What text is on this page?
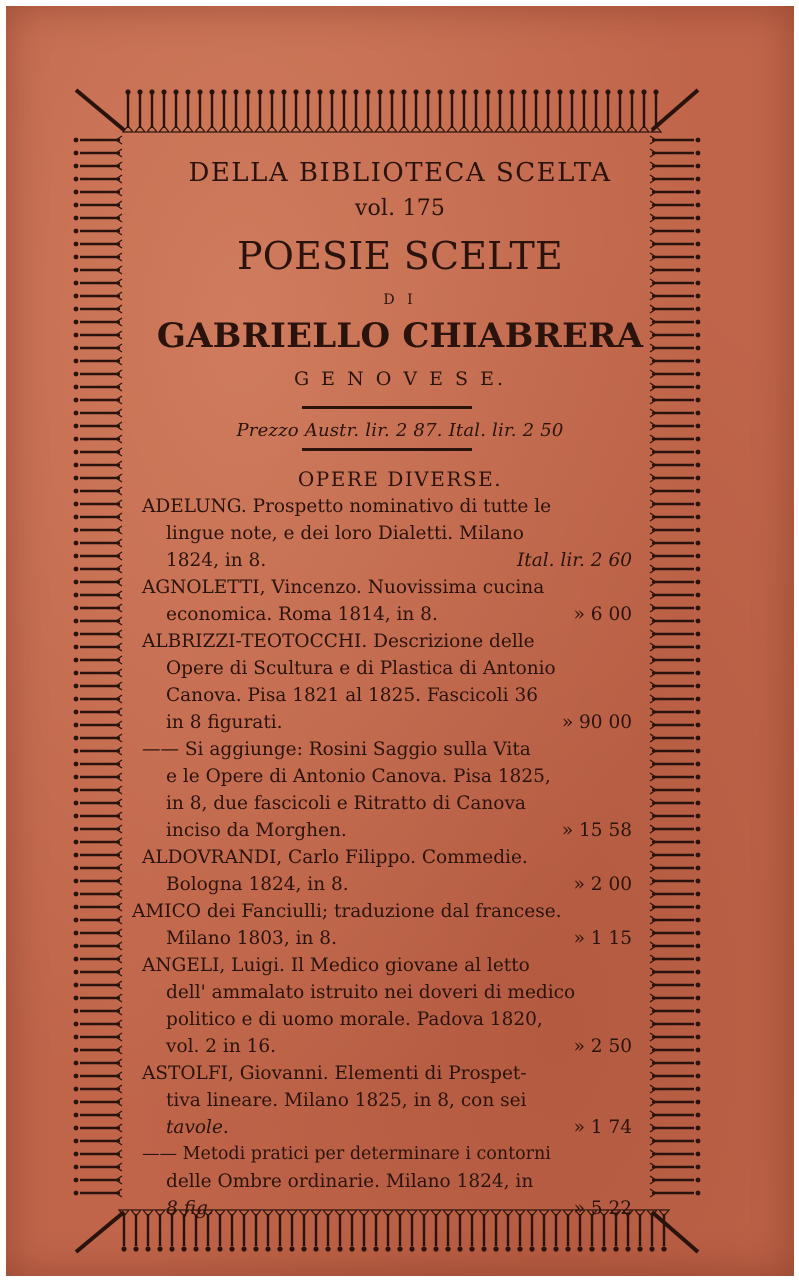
DELLA BIBLIOTECA SCELTA
vol. 175
POESIE SCELTE
D I
GABRIELLO CHIABRERA
G E N O V E S E.
Prezzo Austr. lir. 2 87. Ital. lir. 2 50
OPERE DIVERSE.
ADELUNG. Prospetto nominativo di tutte le
lingue note, e dei loro Dialetti. Milano
1824, in 8.	Ital. lir. 2 60
AGNOLETTI, Vincenzo. Nuovissima cucina
economica. Roma 1814, in 8.	» 6 00
ALBRIZZI-TEOTOCCHI. Descrizione delle
Opere di Scultura e di Plastica di Antonio
Canova. Pisa 1821 al 1825. Fascicoli 36
in 8 figurati.	» 90 00
—— Si aggiunge: Rosini Saggio sulla Vita
e le Opere di Antonio Canova. Pisa 1825,
in 8, due fascicoli e Ritratto di Canova
inciso da Morghen.	» 15 58
ALDOVRANDI, Carlo Filippo. Commedie.
Bologna 1824, in 8.	» 2 00
AMICO dei Fanciulli; traduzione dal francese.
Milano 1803, in 8.	» 1 15
ANGELI, Luigi. Il Medico giovane al letto
dell' ammalato istruito nei doveri di medico
politico e di uomo morale. Padova 1820,
vol. 2 in 16.	» 2 50
ASTOLFI, Giovanni. Elementi di Prospet-
tiva lineare. Milano 1825, in 8, con sei
tavole.	» 1 74
—— Metodi pratici per determinare i contorni
delle Ombre ordinarie. Milano 1824, in
8 fig.	» 5 22
